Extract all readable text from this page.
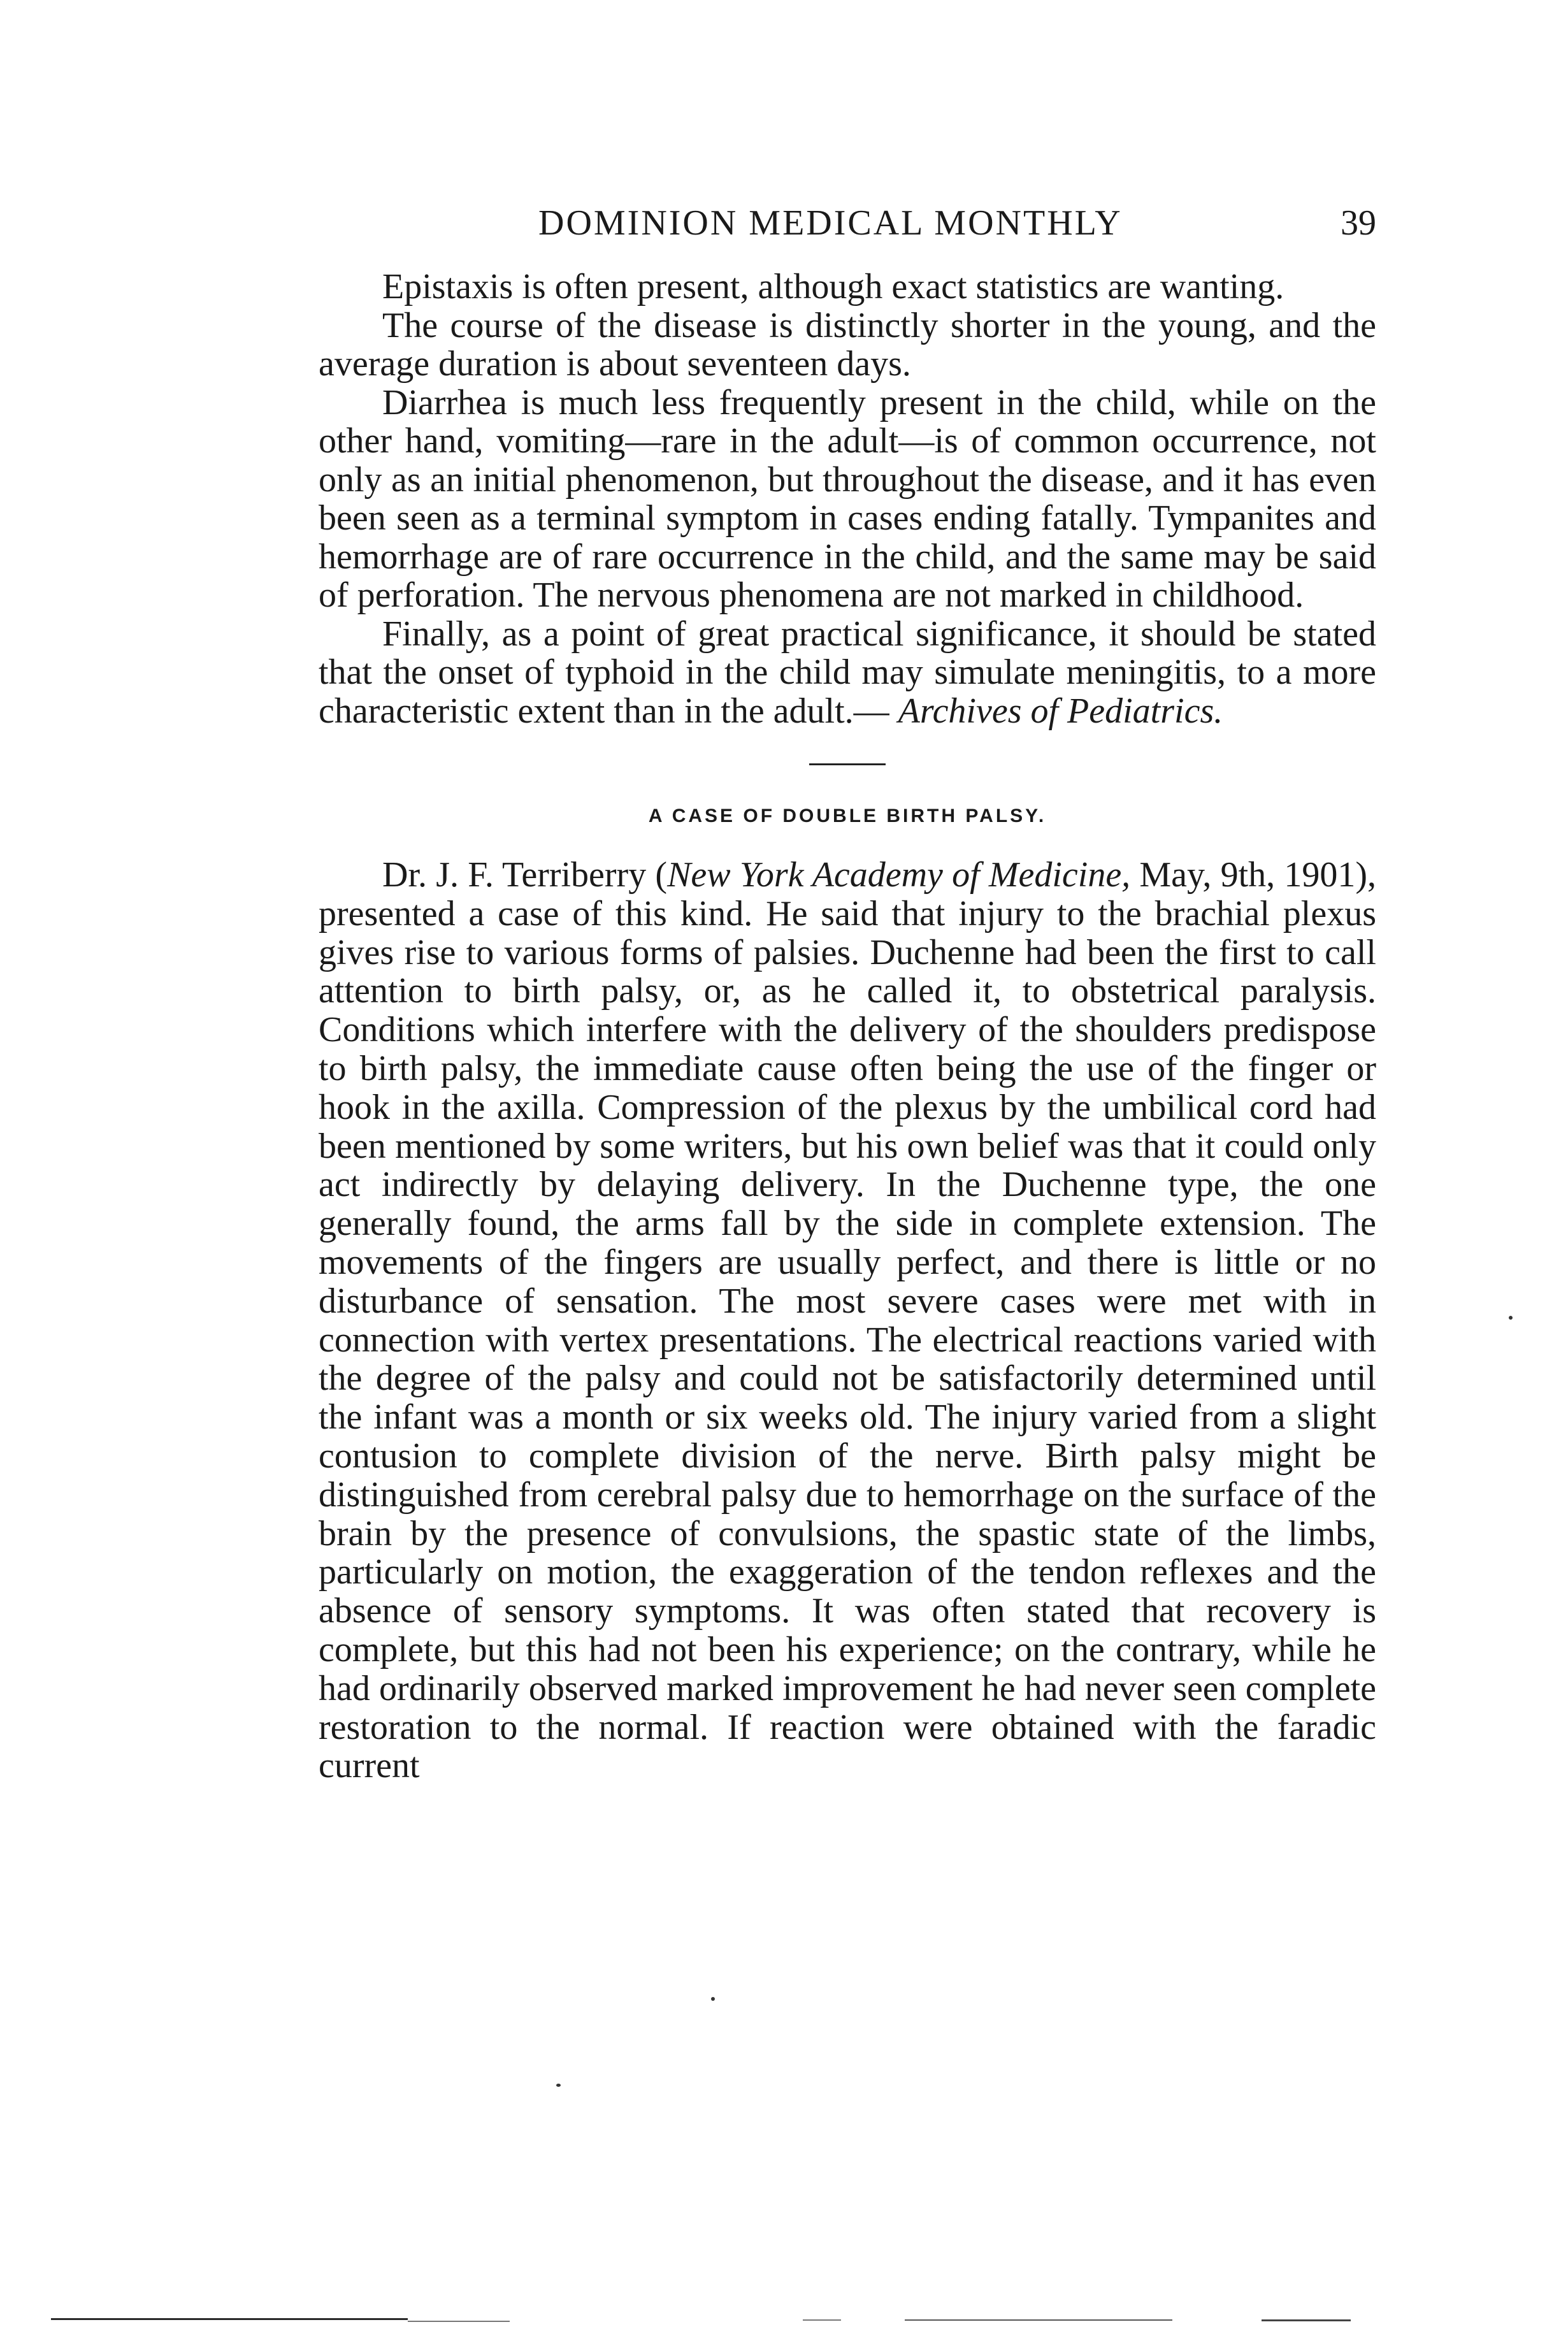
DOMINION MEDICAL MONTHLY	39

Epistaxis is often present, although exact statistics are wanting.

The course of the disease is distinctly shorter in the young, and the average duration is about seventeen days.

Diarrhea is much less frequently present in the child, while on the other hand, vomiting—rare in the adult—is of common occurrence, not only as an initial phenomenon, but throughout the disease, and it has even been seen as a terminal symptom in cases ending fatally. Tympanites and hemorrhage are of rare occurrence in the child, and the same may be said of perforation. The nervous phenomena are not marked in childhood.

Finally, as a point of great practical significance, it should be stated that the onset of typhoid in the child may simulate meningitis, to a more characteristic extent than in the adult.— Archives of Pediatrics.

A CASE OF DOUBLE BIRTH PALSY.

Dr. J. F. Terriberry (New York Academy of Medicine, May, 9th, 1901), presented a case of this kind. He said that injury to the brachial plexus gives rise to various forms of palsies. Duchenne had been the first to call attention to birth palsy, or, as he called it, to obstetrical paralysis. Conditions which interfere with the delivery of the shoulders predispose to birth palsy, the immediate cause often being the use of the finger or hook in the axilla. Compression of the plexus by the umbilical cord had been mentioned by some writers, but his own belief was that it could only act indirectly by delaying delivery. In the Duchenne type, the one generally found, the arms fall by the side in complete extension. The movements of the fingers are usually perfect, and there is little or no disturbance of sensation. The most severe cases were met with in connection with vertex presentations. The electrical reactions varied with the degree of the palsy and could not be satisfactorily determined until the infant was a month or six weeks old. The injury varied from a slight contusion to complete division of the nerve. Birth palsy might be distinguished from cerebral palsy due to hemorrhage on the surface of the brain by the presence of convulsions, the spastic state of the limbs, particularly on motion, the exaggeration of the tendon reflexes and the absence of sensory symptoms. It was often stated that recovery is complete, but this had not been his experience; on the contrary, while he had ordinarily observed marked improvement he had never seen complete restoration to the normal. If reaction were obtained with the faradic current
